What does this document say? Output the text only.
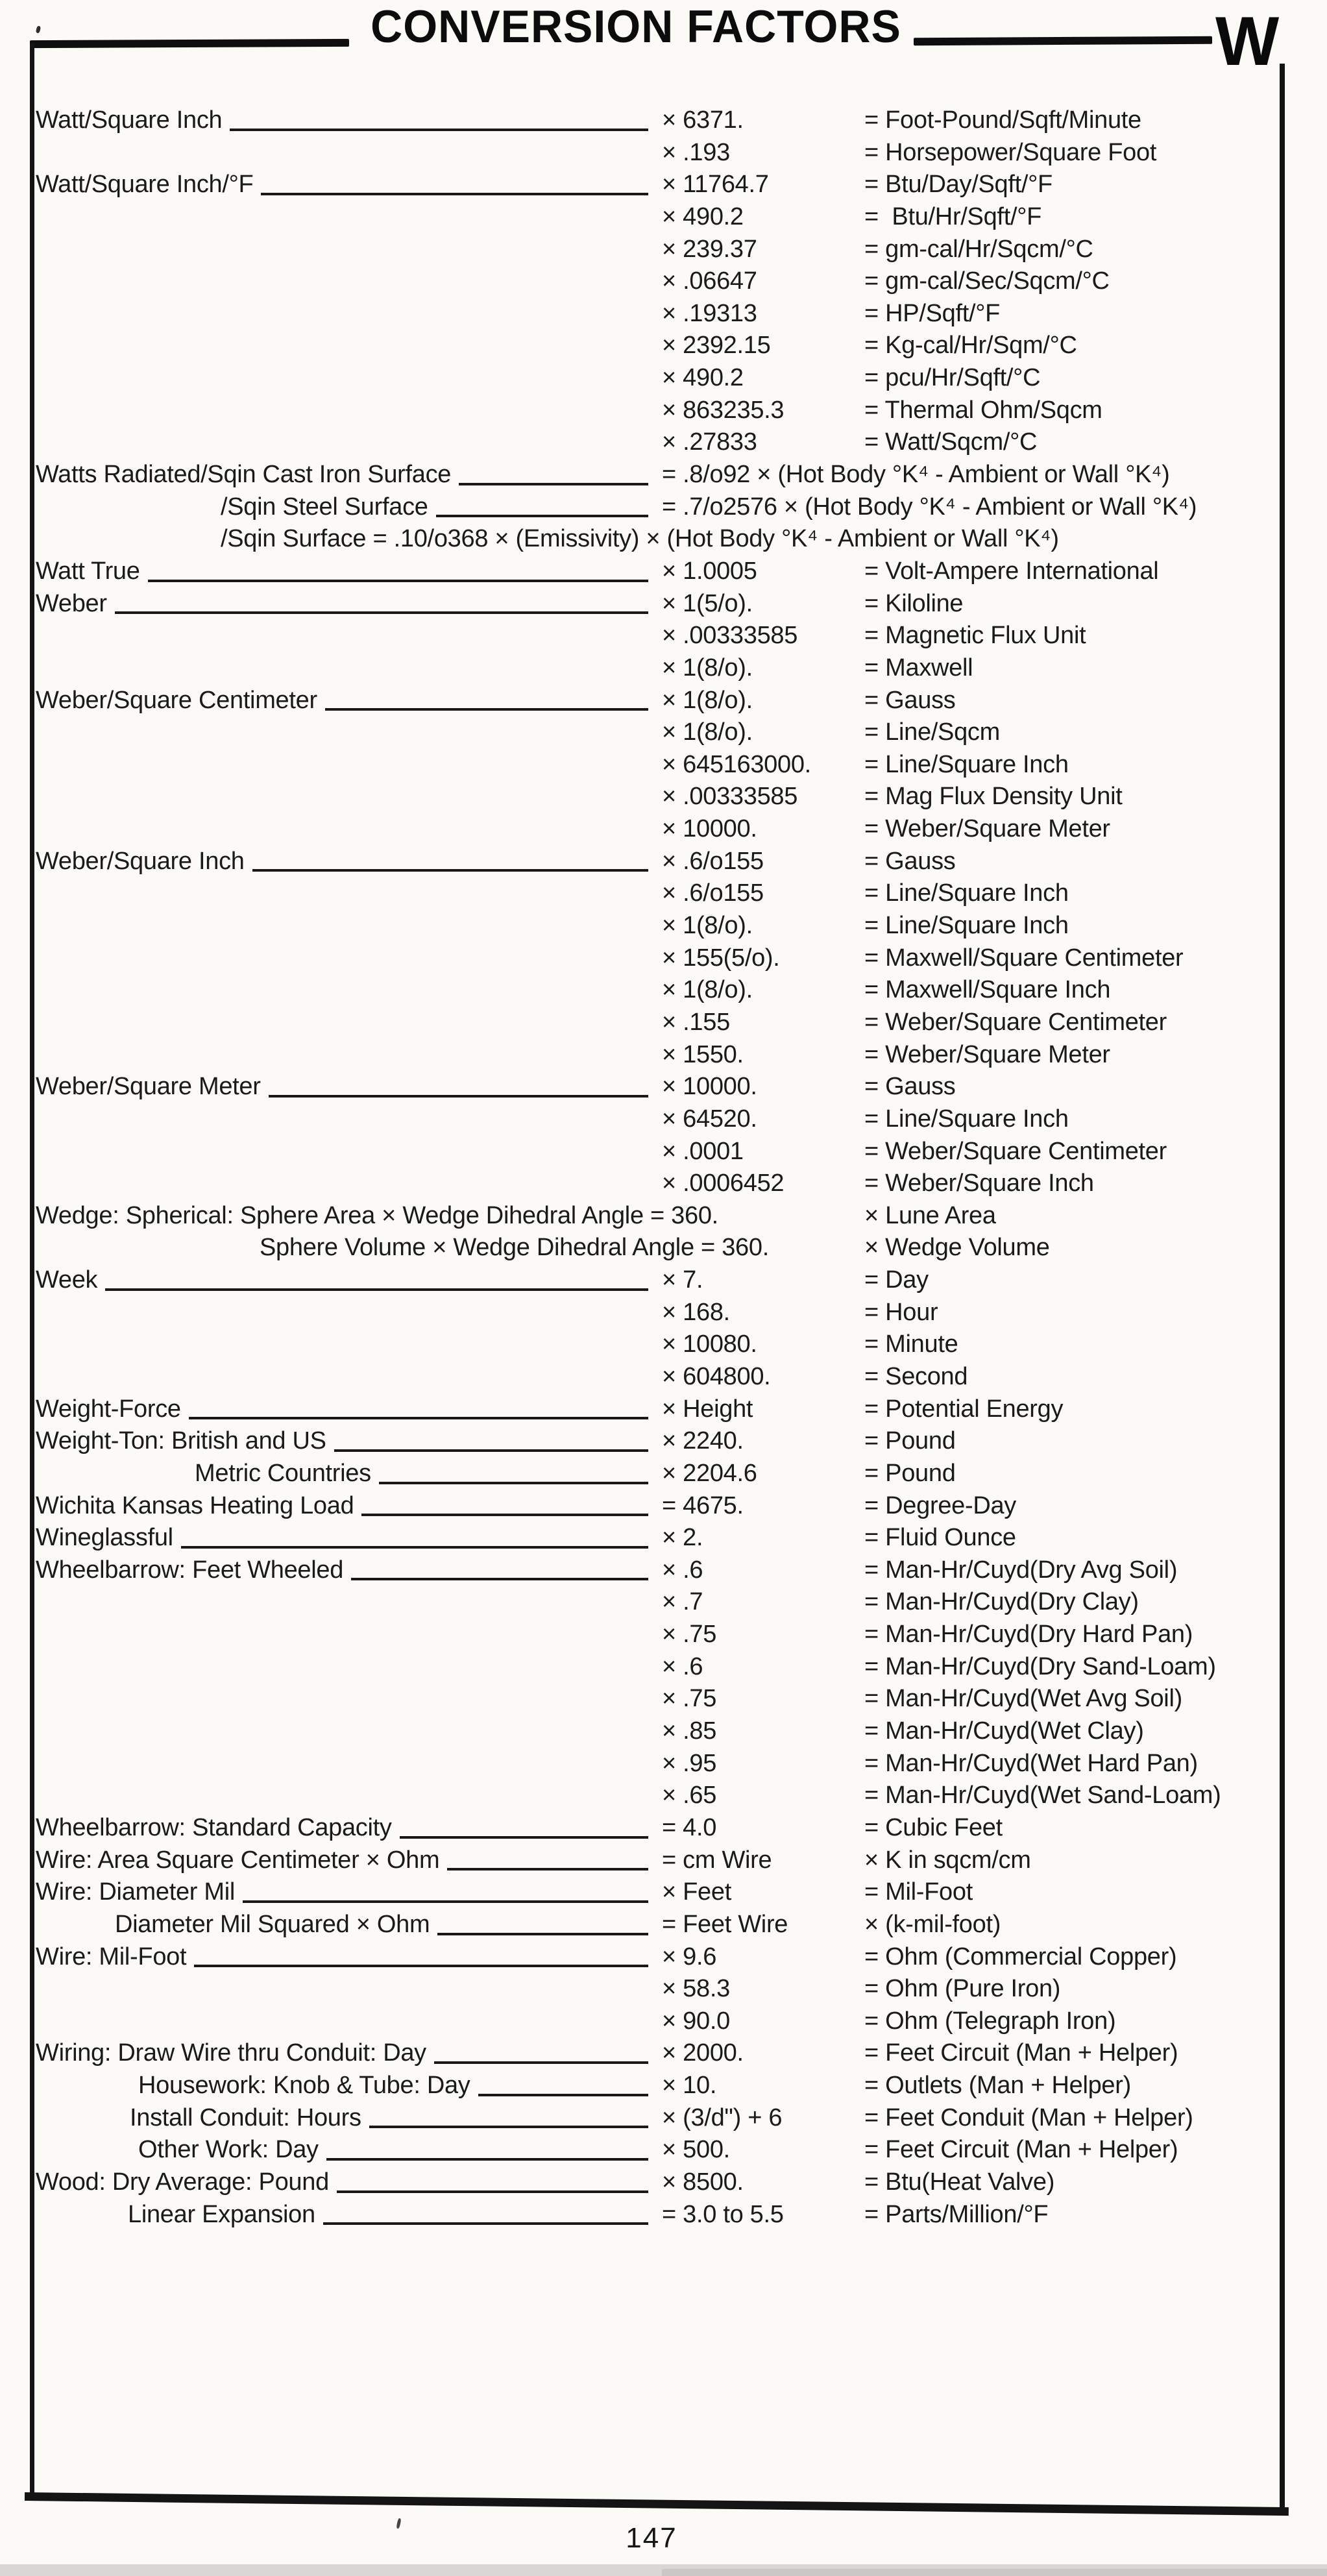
CONVERSION FACTORS	W
Watt/Square Inch	× 6371.	= Foot-Pound/Sqft/Minute
× .193	= Horsepower/Square Foot
Watt/Square Inch/°F	× 11764.7	= Btu/Day/Sqft/°F
× 490.2	=  Btu/Hr/Sqft/°F
× 239.37	= gm-cal/Hr/Sqcm/°C
× .06647	= gm-cal/Sec/Sqcm/°C
× .19313	= HP/Sqft/°F
× 2392.15	= Kg-cal/Hr/Sqm/°C
× 490.2	= pcu/Hr/Sqft/°C
× 863235.3	= Thermal Ohm/Sqcm
× .27833	= Watt/Sqcm/°C
Watts Radiated/Sqin Cast Iron Surface	= .8/o92 × (Hot Body °K⁴ - Ambient or Wall °K⁴)
/Sqin Steel Surface	= .7/o2576 × (Hot Body °K⁴ - Ambient or Wall °K⁴)
/Sqin Surface = .10/o368 × (Emissivity) × (Hot Body °K⁴ - Ambient or Wall °K⁴)
Watt True	× 1.0005	= Volt-Ampere International
Weber	× 1(5/o).	= Kiloline
× .00333585	= Magnetic Flux Unit
× 1(8/o).	= Maxwell
Weber/Square Centimeter	× 1(8/o).	= Gauss
× 1(8/o).	= Line/Sqcm
× 645163000. = Line/Square Inch
× .00333585	= Mag Flux Density Unit
× 10000.	= Weber/Square Meter
Weber/Square Inch	× .6/o155	= Gauss
× .6/o155	= Line/Square Inch
× 1(8/o).	= Line/Square Inch
× 155(5/o).	= Maxwell/Square Centimeter
× 1(8/o).	= Maxwell/Square Inch
× .155	= Weber/Square Centimeter
× 1550.	= Weber/Square Meter
Weber/Square Meter	× 10000.	= Gauss
× 64520.	= Line/Square Inch
× .0001	= Weber/Square Centimeter
× .0006452	= Weber/Square Inch
Wedge: Spherical: Sphere Area × Wedge Dihedral Angle = 360.	× Lune Area
Sphere Volume × Wedge Dihedral Angle = 360.	× Wedge Volume
Week	× 7.	= Day
× 168.	= Hour
× 10080.	= Minute
× 604800.	= Second
Weight-Force	× Height	= Potential Energy
Weight-Ton: British and US	× 2240.	= Pound
Metric Countries	× 2204.6	= Pound
Wichita Kansas Heating Load	= 4675.	= Degree-Day
Wineglassful	× 2.	= Fluid Ounce
Wheelbarrow: Feet Wheeled	× .6	= Man-Hr/Cuyd(Dry Avg Soil)
× .7	= Man-Hr/Cuyd(Dry Clay)
× .75	= Man-Hr/Cuyd(Dry Hard Pan)
× .6	= Man-Hr/Cuyd(Dry Sand-Loam)
× .75	= Man-Hr/Cuyd(Wet Avg Soil)
× .85	= Man-Hr/Cuyd(Wet Clay)
× .95	= Man-Hr/Cuyd(Wet Hard Pan)
× .65	= Man-Hr/Cuyd(Wet Sand-Loam)
Wheelbarrow: Standard Capacity	= 4.0	= Cubic Feet
Wire: Area Square Centimeter × Ohm	= cm Wire	× K in sqcm/cm
Wire: Diameter Mil	× Feet	= Mil-Foot
Diameter Mil Squared × Ohm	= Feet Wire	× (k-mil-foot)
Wire: Mil-Foot	× 9.6	= Ohm (Commercial Copper)
× 58.3	= Ohm (Pure Iron)
× 90.0	= Ohm (Telegraph Iron)
Wiring: Draw Wire thru Conduit: Day	× 2000.	= Feet Circuit (Man + Helper)
Housework: Knob & Tube: Day	× 10.	= Outlets (Man + Helper)
Install Conduit: Hours	× (3/d") + 6	= Feet Conduit (Man + Helper)
Other Work: Day	× 500.	= Feet Circuit (Man + Helper)
Wood: Dry Average: Pound	× 8500.	= Btu(Heat Valve)
Linear Expansion	= 3.0 to 5.5	= Parts/Million/°F
147
